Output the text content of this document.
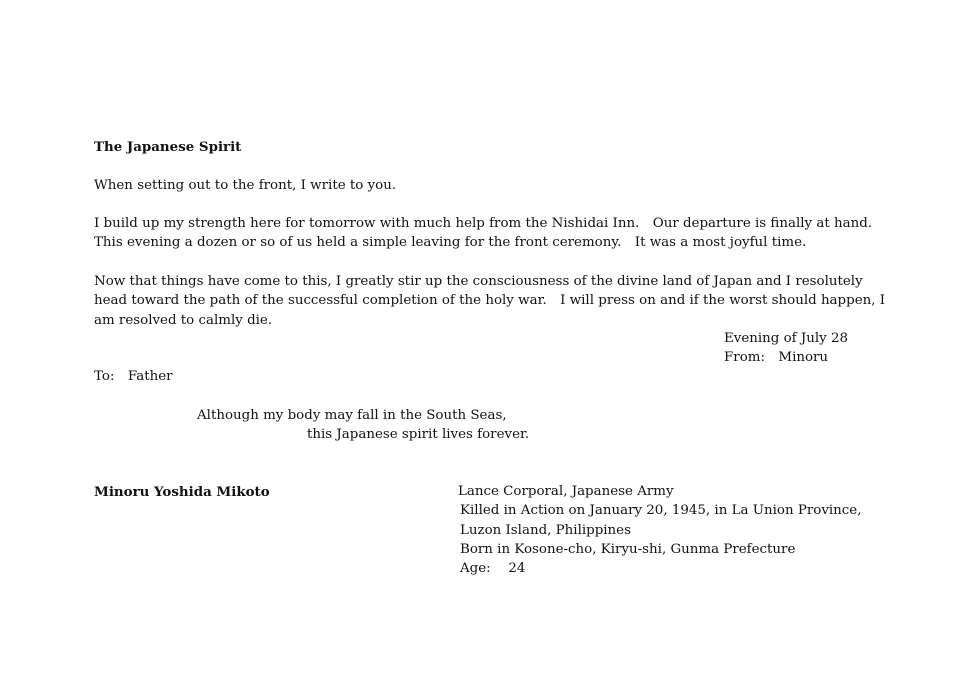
The Japanese Spirit
When setting out to the front, I write to you.
I build up my strength here for tomorrow with much help from the Nishidai Inn.　Our departure is finally at hand.
This evening a dozen or so of us held a simple leaving for the front ceremony.　It was a most joyful time.
Now that things have come to this, I greatly stir up the consciousness of the divine land of Japan and I resolutely
head toward the path of the successful completion of the holy war.　I will press on and if the worst should happen, I
am resolved to calmly die.
Evening of July 28
From:　Minoru
To:　Father
Although my body may fall in the South Seas,
this Japanese spirit lives forever.
Minoru Yoshida Mikoto	Lance Corporal, Japanese Army
Killed in Action on January 20, 1945, in La Union Province,
Luzon Island, Philippines
Born in Kosone-cho, Kiryu-shi, Gunma Prefecture
Age:　 24
